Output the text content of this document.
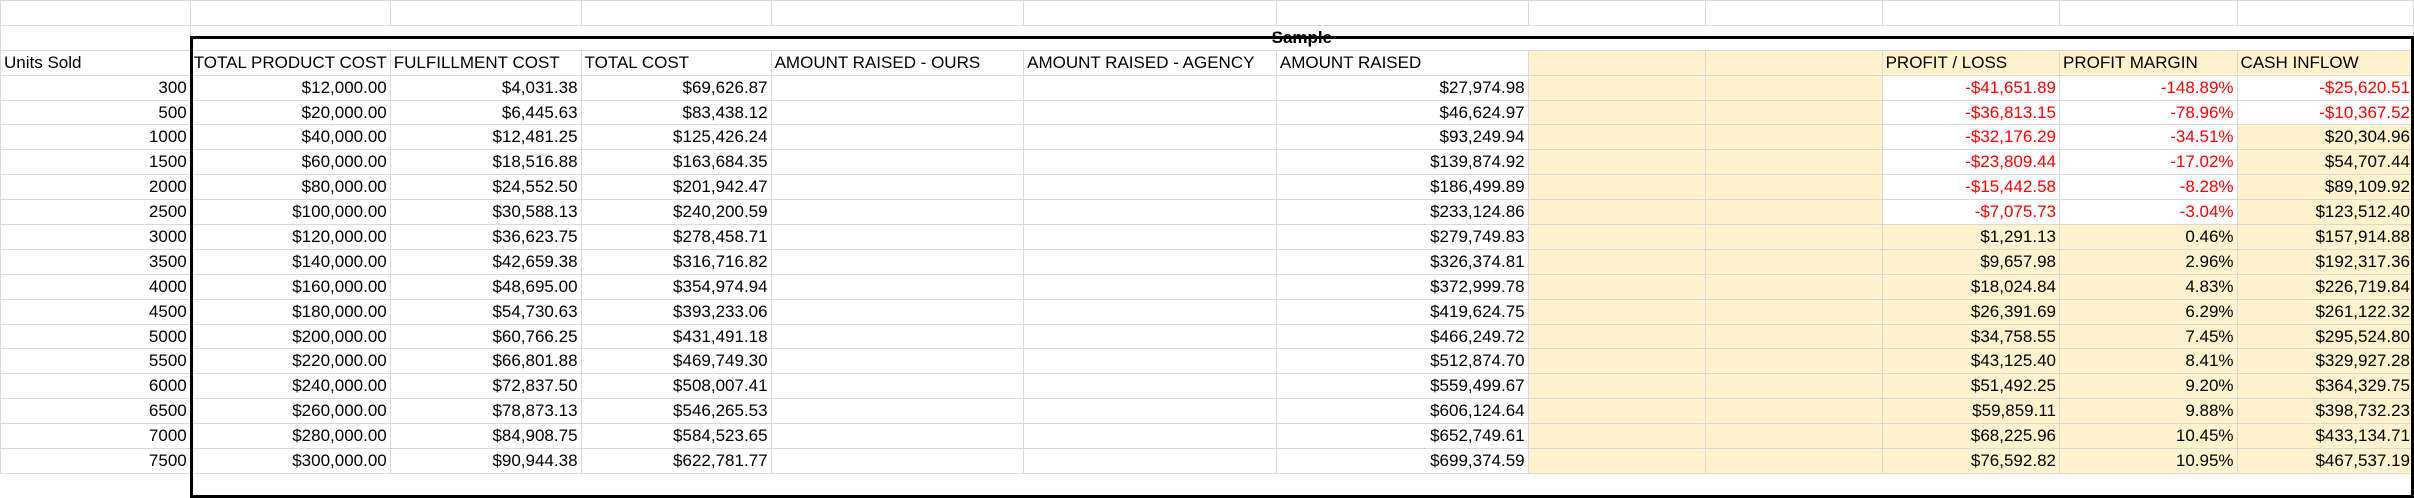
	Sample										
Units Sold	TOTAL PRODUCT COST	FULFILLMENT COST	TOTAL COST	AMOUNT RAISED - OURS	AMOUNT RAISED - AGENCY	AMOUNT RAISED			PROFIT / LOSS	PROFIT MARGIN	CASH INFLOW
300	$12,000.00	$4,031.38	$69,626.87			$27,974.98			-$41,651.89	-148.89%	-$25,620.51
500	$20,000.00	$6,445.63	$83,438.12			$46,624.97			-$36,813.15	-78.96%	-$10,367.52
1000	$40,000.00	$12,481.25	$125,426.24			$93,249.94			-$32,176.29	-34.51%	$20,304.96
1500	$60,000.00	$18,516.88	$163,684.35			$139,874.92			-$23,809.44	-17.02%	$54,707.44
2000	$80,000.00	$24,552.50	$201,942.47			$186,499.89			-$15,442.58	-8.28%	$89,109.92
2500	$100,000.00	$30,588.13	$240,200.59			$233,124.86			-$7,075.73	-3.04%	$123,512.40
3000	$120,000.00	$36,623.75	$278,458.71			$279,749.83			$1,291.13	0.46%	$157,914.88
3500	$140,000.00	$42,659.38	$316,716.82			$326,374.81			$9,657.98	2.96%	$192,317.36
4000	$160,000.00	$48,695.00	$354,974.94			$372,999.78			$18,024.84	4.83%	$226,719.84
4500	$180,000.00	$54,730.63	$393,233.06			$419,624.75			$26,391.69	6.29%	$261,122.32
5000	$200,000.00	$60,766.25	$431,491.18			$466,249.72			$34,758.55	7.45%	$295,524.80
5500	$220,000.00	$66,801.88	$469,749.30			$512,874.70			$43,125.40	8.41%	$329,927.28
6000	$240,000.00	$72,837.50	$508,007.41			$559,499.67			$51,492.25	9.20%	$364,329.75
6500	$260,000.00	$78,873.13	$546,265.53			$606,124.64			$59,859.11	9.88%	$398,732.23
7000	$280,000.00	$84,908.75	$584,523.65			$652,749.61			$68,225.96	10.45%	$433,134.71
7500	$300,000.00	$90,944.38	$622,781.77			$699,374.59			$76,592.82	10.95%	$467,537.19
